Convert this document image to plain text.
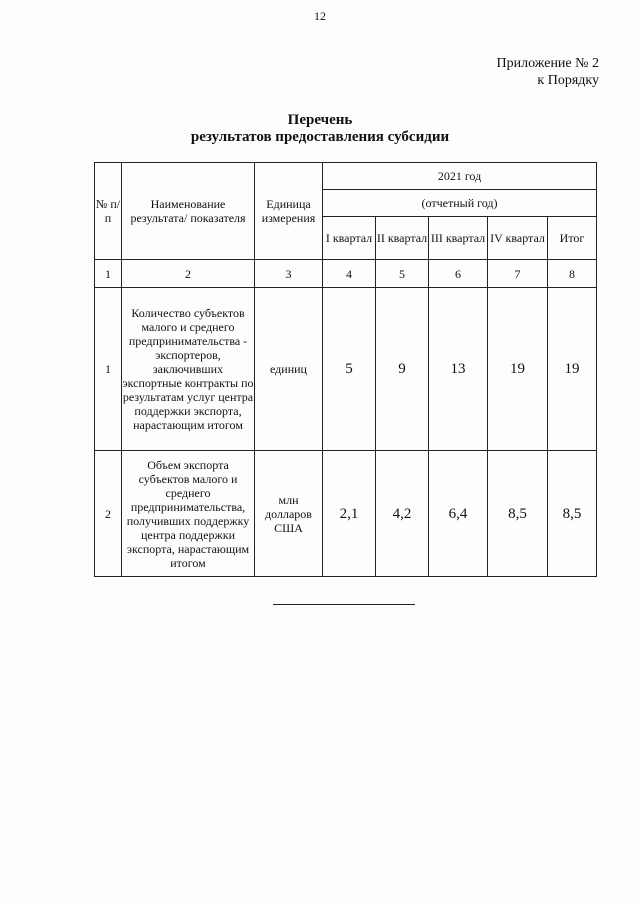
12
Приложение № 2
к Порядку
Перечень
результатов предоставления субсидии
№ п/п	Наименование результата/ показателя	Единица измерения	2021 год				
			(отчетный год)				
			I квартал	II квартал	III квартал	IV квартал	Итог
1	2	3	4	5	6	7	8
1	Количество субъектов малого и среднего предпринимательства - экспортеров, заключивших экспортные контракты по результатам услуг центра поддержки экспорта, нарастающим итогом	единиц	5	9	13	19	19
2	Объем экспорта субъектов малого и среднего предпринимательства, получивших поддержку центра поддержки экспорта, нарастающим итогом	млн долларов США	2,1	4,2	6,4	8,5	8,5
